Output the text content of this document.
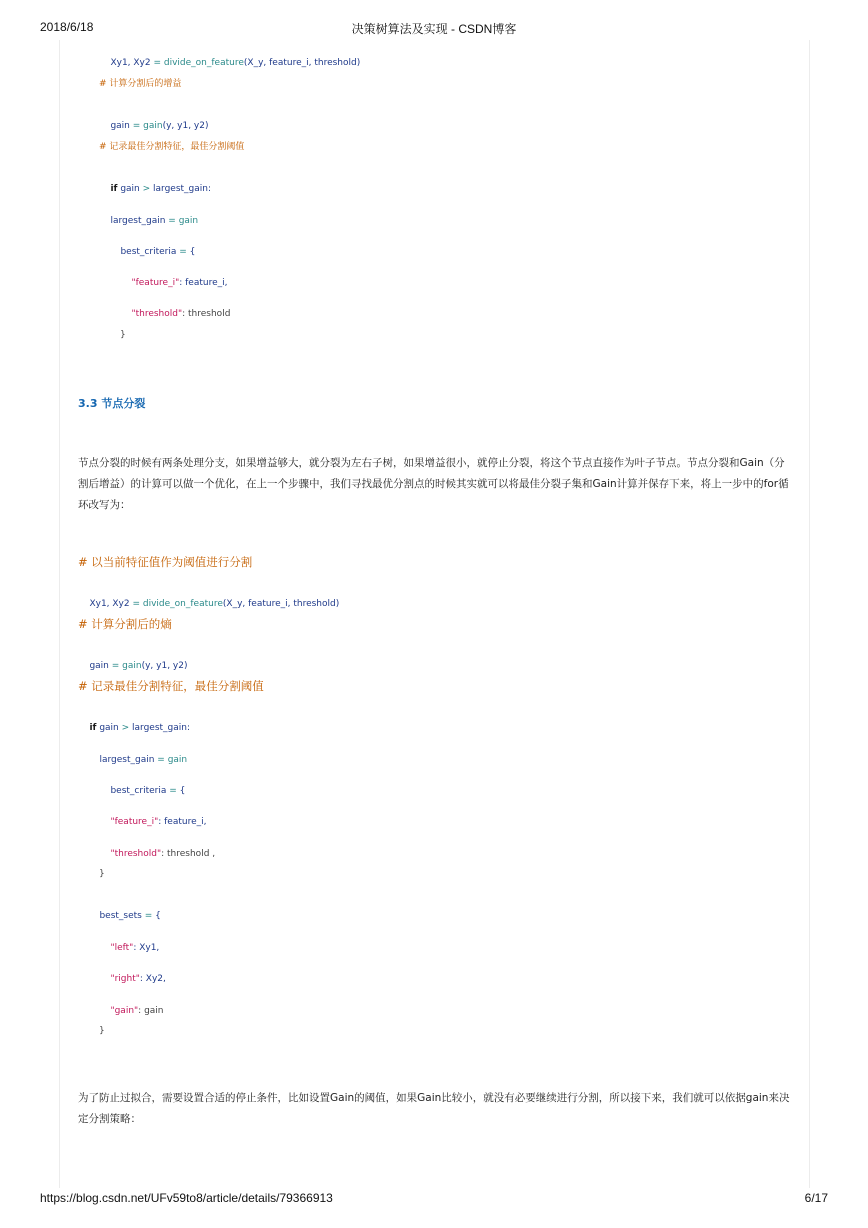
2018/6/18	决策树算法及实现 - CSDN博客

Xy1, Xy2 = divide_on_feature(X_y, feature_i, threshold)

# 计算分割后的增益

gain = gain(y, y1, y2)

# 记录最佳分割特征，最佳分割阈值

if gain > largest_gain:

largest_gain = gain

best_criteria = {

"feature_i": feature_i,

"threshold": threshold

}
3.3 节点分裂
节点分裂的时候有两条处理分支，如果增益够大，就分裂为左右子树，如果增益很小，就停止分裂，将这个节点直接作为叶子节点。节点分裂和Gain（分割后增益）的计算可以做一个优化，在上一个步骤中，我们寻找最优分割点的时候其实就可以将最佳分裂子集和Gain计算并保存下来，将上一步中的for循环改写为：
# 以当前特征值作为阈值进行分割

Xy1, Xy2 = divide_on_feature(X_y, feature_i, threshold)

# 计算分割后的熵

gain = gain(y, y1, y2)

# 记录最佳分割特征，最佳分割阈值

if gain > largest_gain:

largest_gain = gain

best_criteria = {

"feature_i": feature_i,

"threshold": threshold ,

}

best_sets = {

"left": Xy1,

"right": Xy2,

"gain": gain

}
为了防止过拟合，需要设置合适的停止条件，比如设置Gain的阈值，如果Gain比较小，就没有必要继续进行分割，所以接下来，我们就可以依据gain来决定分割策略：
https://blog.csdn.net/UFv59to8/article/details/79366913	6/17
